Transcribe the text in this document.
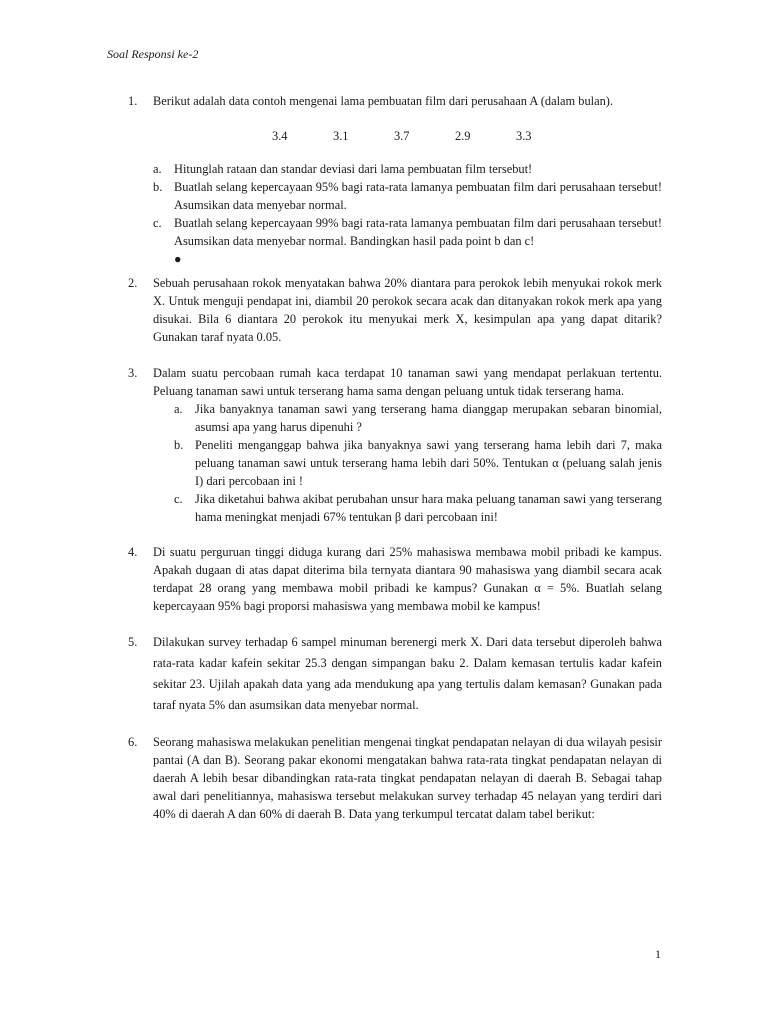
Soal Responsi ke-2
1. Berikut adalah data contoh mengenai lama pembuatan film dari perusahaan A (dalam bulan).
3.4	3.1	3.7	2.9	3.3
a. Hitunglah rataan dan standar deviasi dari lama pembuatan film tersebut!
b. Buatlah selang kepercayaan 95% bagi rata-rata lamanya pembuatan film dari perusahaan tersebut! Asumsikan data menyebar normal.
c. Buatlah selang kepercayaan 99% bagi rata-rata lamanya pembuatan film dari perusahaan tersebut! Asumsikan data menyebar normal. Bandingkan hasil pada point b dan c!
●
2. Sebuah perusahaan rokok menyatakan bahwa 20% diantara para perokok lebih menyukai rokok merk X. Untuk menguji pendapat ini, diambil 20 perokok secara acak dan ditanyakan rokok merk apa yang disukai. Bila 6 diantara 20 perokok itu menyukai merk X, kesimpulan apa yang dapat ditarik? Gunakan taraf nyata 0.05.
3. Dalam suatu percobaan rumah kaca terdapat 10 tanaman sawi yang mendapat perlakuan tertentu. Peluang tanaman sawi untuk terserang hama sama dengan peluang untuk tidak terserang hama.
a. Jika banyaknya tanaman sawi yang terserang hama dianggap merupakan sebaran binomial, asumsi apa yang harus dipenuhi ?
b. Peneliti menganggap bahwa jika banyaknya sawi yang terserang hama lebih dari 7, maka peluang tanaman sawi untuk terserang hama lebih dari 50%. Tentukan α (peluang salah jenis I) dari percobaan ini !
c. Jika diketahui bahwa akibat perubahan unsur hara maka peluang tanaman sawi yang terserang hama meningkat menjadi 67% tentukan β dari percobaan ini!
4. Di suatu perguruan tinggi diduga kurang dari 25% mahasiswa membawa mobil pribadi ke kampus. Apakah dugaan di atas dapat diterima bila ternyata diantara 90 mahasiswa yang diambil secara acak terdapat 28 orang yang membawa mobil pribadi ke kampus? Gunakan α = 5%. Buatlah selang kepercayaan 95% bagi proporsi mahasiswa yang membawa mobil ke kampus!
5. Dilakukan survey terhadap 6 sampel minuman berenergi merk X. Dari data tersebut diperoleh bahwa rata-rata kadar kafein sekitar 25.3 dengan simpangan baku 2. Dalam kemasan tertulis kadar kafein sekitar 23. Ujilah apakah data yang ada mendukung apa yang tertulis dalam kemasan? Gunakan pada taraf nyata 5% dan asumsikan data menyebar normal.
6. Seorang mahasiswa melakukan penelitian mengenai tingkat pendapatan nelayan di dua wilayah pesisir pantai (A dan B). Seorang pakar ekonomi mengatakan bahwa rata-rata tingkat pendapatan nelayan di daerah A lebih besar dibandingkan rata-rata tingkat pendapatan nelayan di daerah B. Sebagai tahap awal dari penelitiannya, mahasiswa tersebut melakukan survey terhadap 45 nelayan yang terdiri dari 40% di daerah A dan 60% di daerah B. Data yang terkumpul tercatat dalam tabel berikut:
1
